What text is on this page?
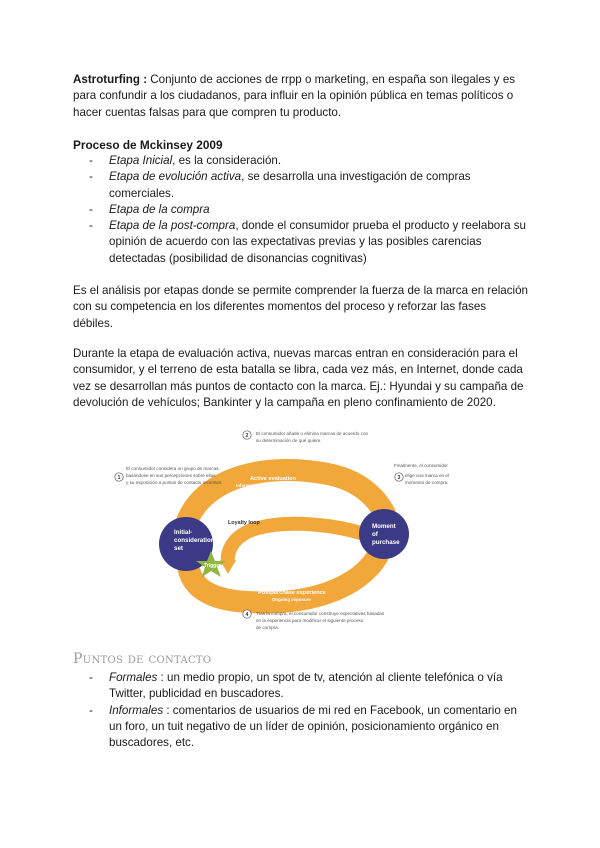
Astroturfing : Conjunto de acciones de rrpp o marketing, en españa son ilegales y es para confundir a los ciudadanos, para influir en la opinión pública en temas políticos o hacer cuentas falsas para que compren tu producto.

Proceso de Mckinsey 2009

- Etapa Inicial, es la consideración.
- Etapa de evolución activa, se desarrolla una investigación de compras comerciales.
- Etapa de la compra
- Etapa de la post-compra, donde el consumidor prueba el producto y reelabora su opinión de acuerdo con las expectativas previas y las posibles carencias detectadas (posibilidad de disonancias cognitivas)

Es el análisis por etapas donde se permite comprender la fuerza de la marca en relación con su competencia en los diferentes momentos del proceso y reforzar las fases débiles.

Durante la etapa de evaluación activa, nuevas marcas entran en consideración para el consumidor, y el terreno de esta batalla se libra, cada vez más, en Internet, donde cada vez se desarrollan más puntos de contacto con la marca. Ej.: Hyundai y su campaña de devolución de vehículos; Bankinter y la campaña en pleno confinamiento de 2020.

Initial-
consideration
set
Moment
of
purchase
Trigger
Active evaluation
Information gathering, shopping
Postpurchase experience
Ongoing exposure
Loyalty loop
1
El consumidor considera un grupo de marcas,
basándose en sus percepciones sobre ellas
y su exposición a puntos de contacto recientes.
2 El consumidor añade o elimina marcas de acuerdo con
su determinación de qué quiere.
3
Finalmente, el consumidor
elige una marca en el
momento de compra.
4 Tras la compra, el consumidor construye expectativas basadas
en la experiencia para modificar el siguiente proceso
de compra.
Puntos de contacto
- Formales : un medio propio, un spot de tv, atención al cliente telefónica o vía Twitter, publicidad en buscadores.
- Informales : comentarios de usuarios de mi red en Facebook, un comentario en un foro, un tuit negativo de un líder de opinión, posicionamiento orgánico en buscadores, etc.
